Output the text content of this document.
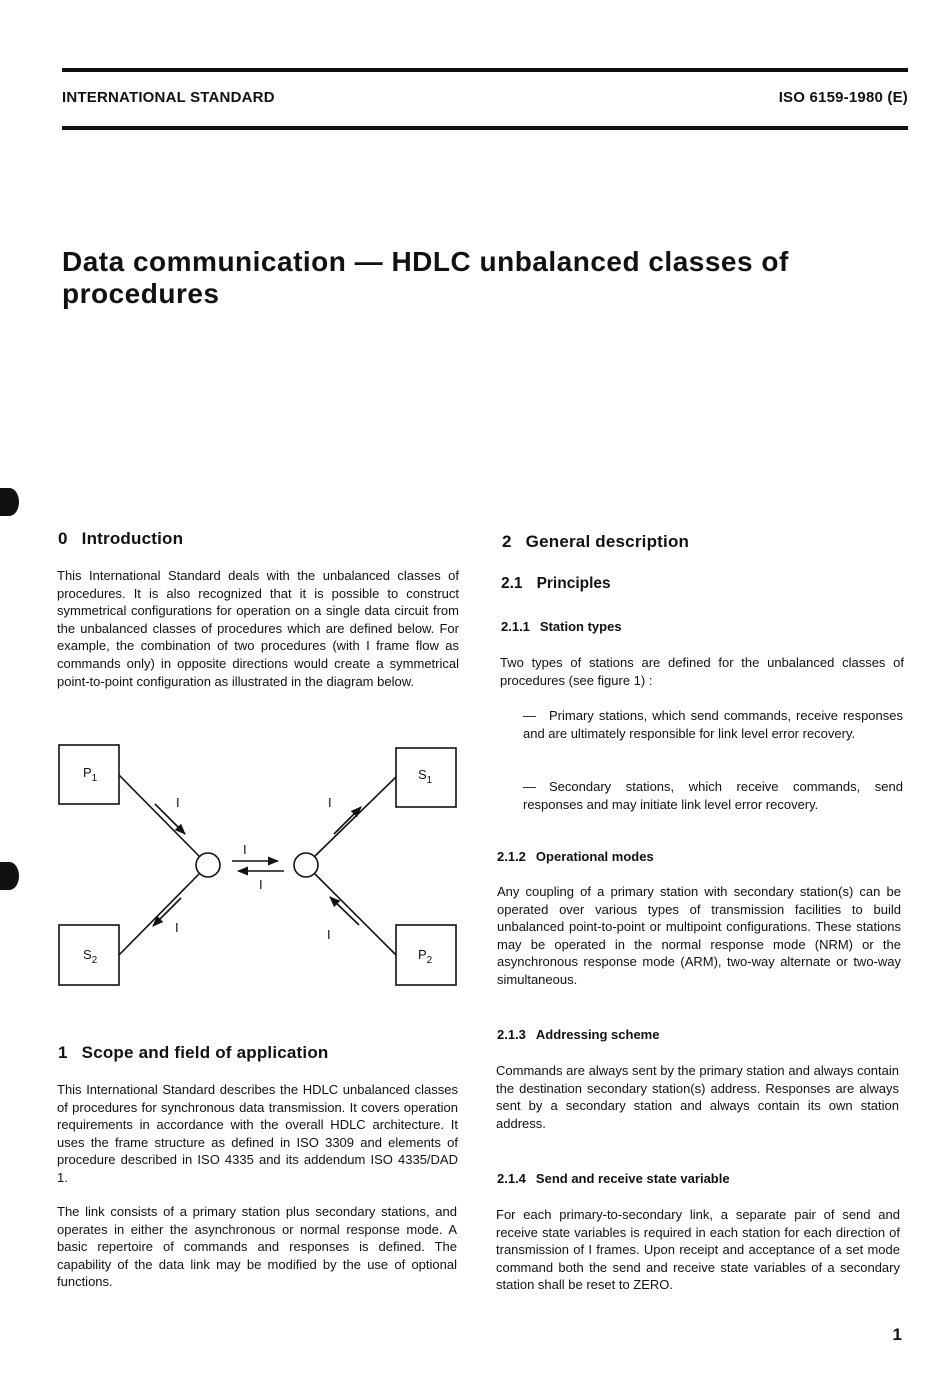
INTERNATIONAL STANDARD	ISO 6159-1980 (E)
Data communication — HDLC unbalanced classes of procedures
0 Introduction

This International Standard deals with the unbalanced classes of procedures. It is also recognized that it is possible to construct symmetrical configurations for operation on a single data circuit from the unbalanced classes of procedures which are defined below. For example, the combination of two procedures (with I frame flow as commands only) in opposite directions would create a symmetrical point-to-point configuration as illustrated in the diagram below.

$P_1$	$S_1$
$S_2$	$P_2$
I	I
I
I
I	I
1 Scope and field of application

This International Standard describes the HDLC unbalanced classes of procedures for synchronous data transmission. It covers operation requirements in accordance with the overall HDLC architecture. It uses the frame structure as defined in ISO 3309 and elements of procedure described in ISO 4335 and its addendum ISO 4335/DAD 1.

The link consists of a primary station plus secondary stations, and operates in either the asynchronous or normal response mode. A basic repertoire of commands and responses is defined. The capability of the data link may be modified by the use of optional functions.

2 General description
2.1 Principles
2.1.1 Station types

Two types of stations are defined for the unbalanced classes of procedures (see figure 1) :

— Primary stations, which send commands, receive responses and are ultimately responsible for link level error recovery.

— Secondary stations, which receive commands, send responses and may initiate link level error recovery.

2.1.2 Operational modes

Any coupling of a primary station with secondary station(s) can be operated over various types of transmission facilities to build unbalanced point-to-point or multipoint configurations. These stations may be operated in the normal response mode (NRM) or the asynchronous response mode (ARM), two-way alternate or two-way simultaneous.

2.1.3 Addressing scheme

Commands are always sent by the primary station and always contain the destination secondary station(s) address. Responses are always sent by a secondary station and always contain its own station address.

2.1.4 Send and receive state variable

For each primary-to-secondary link, a separate pair of send and receive state variables is required in each station for each direction of transmission of I frames. Upon receipt and acceptance of a set mode command both the send and receive state variables of a secondary station shall be reset to ZERO.

1
